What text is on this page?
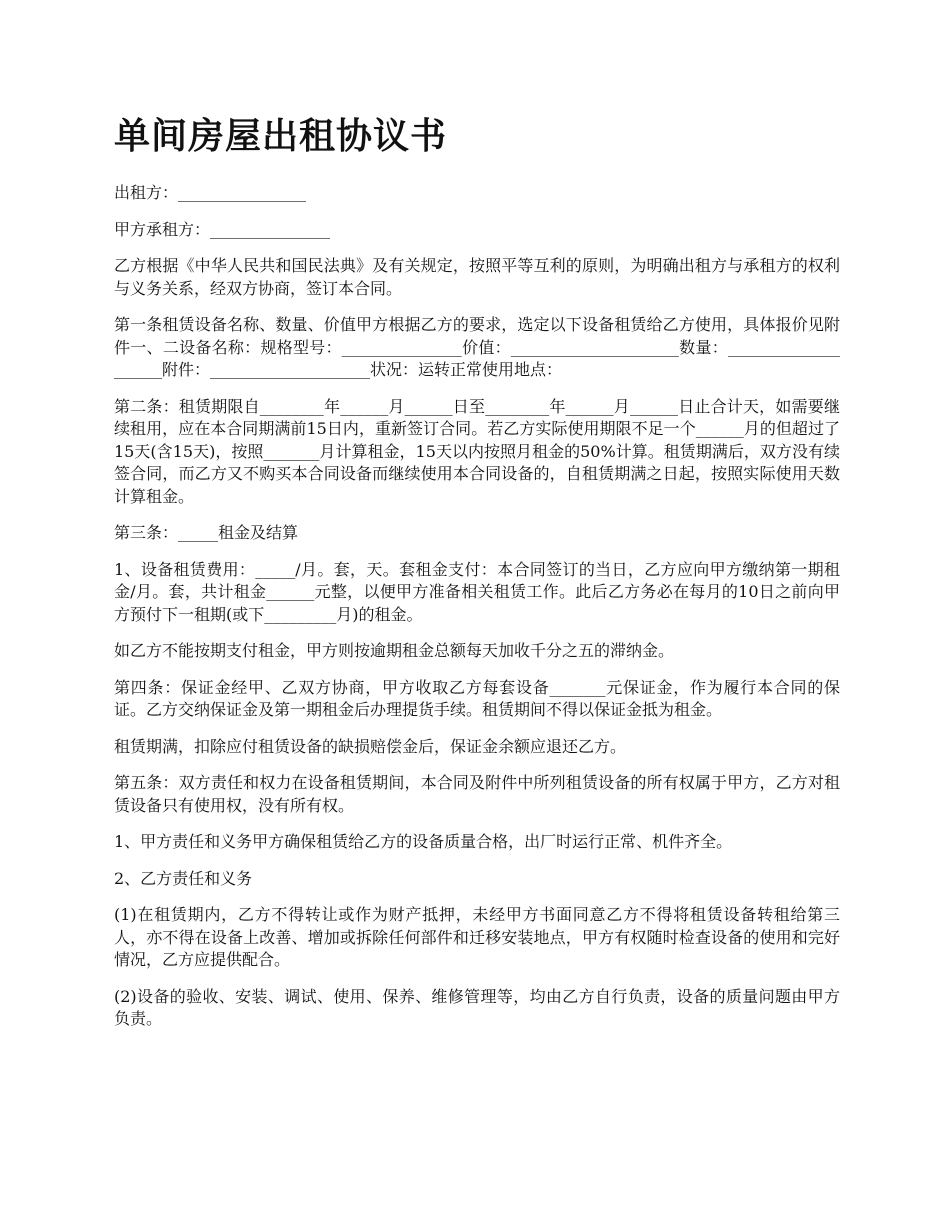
单间房屋出租协议书

出租方：________________

甲方承租方：_______________

乙方根据《中华人民共和国民法典》及有关规定，按照平等互利的原则，为明确出租方与承租方的权利与义务关系，经双方协商，签订本合同。

第一条租赁设备名称、数量、价值甲方根据乙方的要求，选定以下设备租赁给乙方使用，具体报价见附件一、二设备名称：规格型号：_______________价值：_____________________数量：____________________附件：____________________状况：运转正常使用地点：

第二条：租赁期限自________年______月______日至________年______月______日止合计天，如需要继续租用，应在本合同期满前15日内，重新签订合同。若乙方实际使用期限不足一个______月的但超过了15天(含15天)，按照_______月计算租金，15天以内按照月租金的50%计算。租赁期满后，双方没有续签合同，而乙方又不购买本合同设备而继续使用本合同设备的，自租赁期满之日起，按照实际使用天数计算租金。

第三条：_____租金及结算

1、设备租赁费用：_____/月。套，天。套租金支付：本合同签订的当日，乙方应向甲方缴纳第一期租金/月。套，共计租金______元整，以便甲方准备相关租赁工作。此后乙方务必在每月的10日之前向甲方预付下一租期(或下_________月)的租金。

如乙方不能按期支付租金，甲方则按逾期租金总额每天加收千分之五的滞纳金。

第四条：保证金经甲、乙双方协商，甲方收取乙方每套设备_______元保证金，作为履行本合同的保证。乙方交纳保证金及第一期租金后办理提货手续。租赁期间不得以保证金抵为租金。

租赁期满，扣除应付租赁设备的缺损赔偿金后，保证金余额应退还乙方。

第五条：双方责任和权力在设备租赁期间，本合同及附件中所列租赁设备的所有权属于甲方，乙方对租赁设备只有使用权，没有所有权。

1、甲方责任和义务甲方确保租赁给乙方的设备质量合格，出厂时运行正常、机件齐全。

2、乙方责任和义务

(1)在租赁期内，乙方不得转让或作为财产抵押，未经甲方书面同意乙方不得将租赁设备转租给第三人，亦不得在设备上改善、增加或拆除任何部件和迁移安装地点，甲方有权随时检查设备的使用和完好情况，乙方应提供配合。

(2)设备的验收、安装、调试、使用、保养、维修管理等，均由乙方自行负责，设备的质量问题由甲方负责。
